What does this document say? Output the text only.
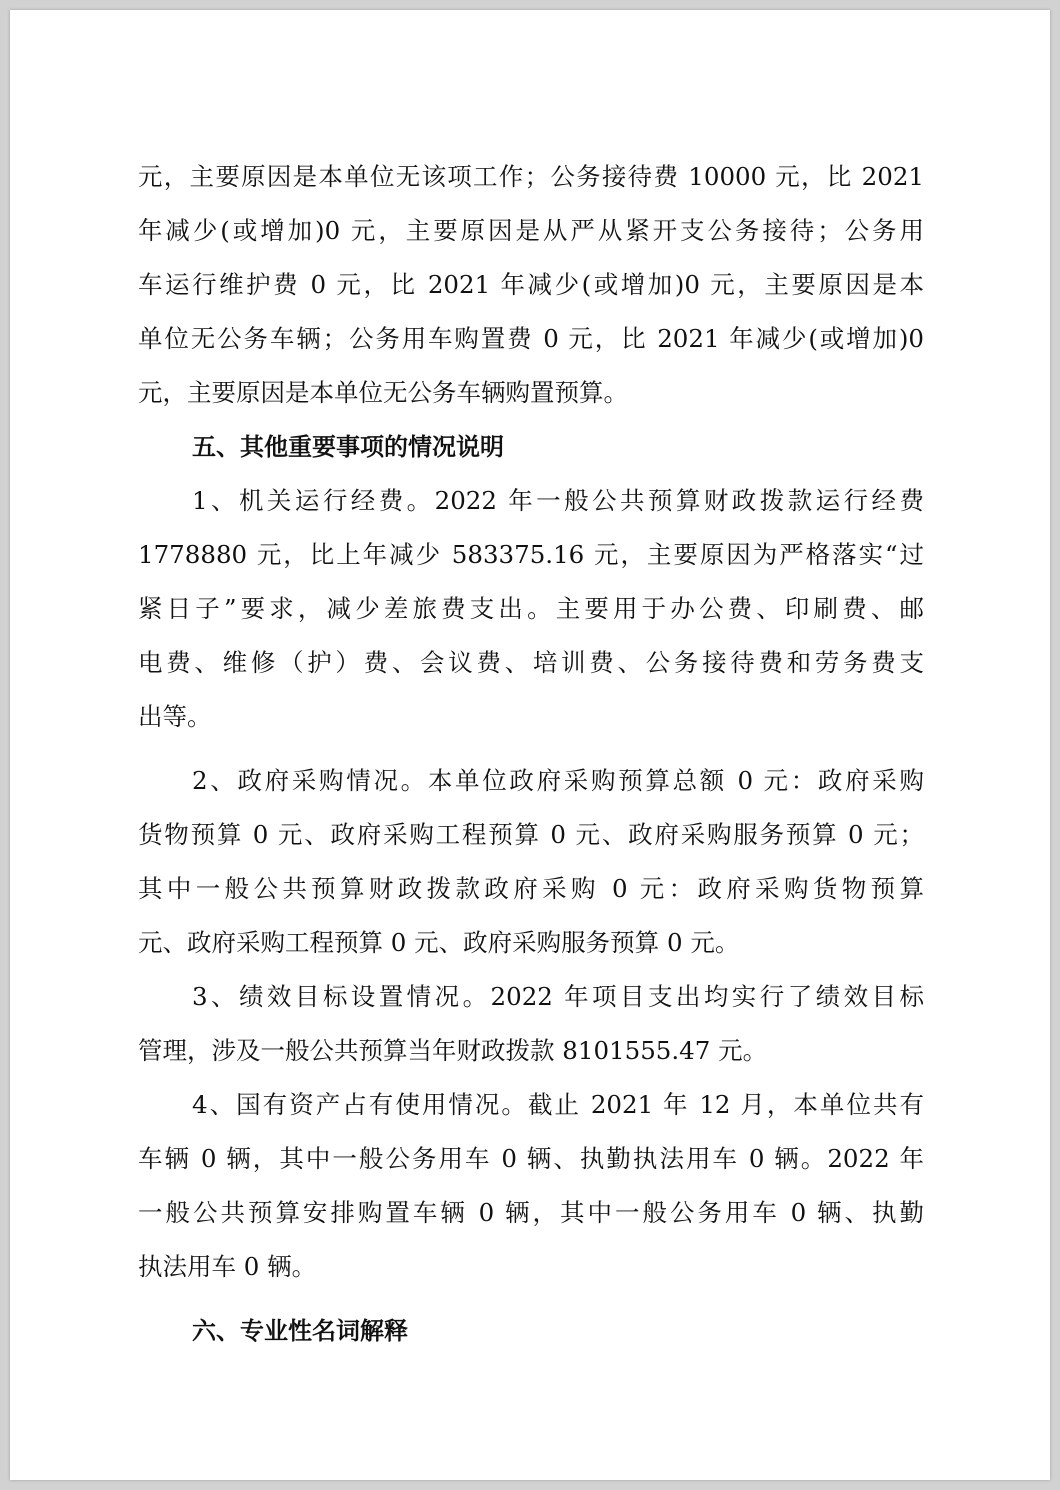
元，主要原因是本单位无该项工作；公务接待费 10000 元，比 2021
年减少(或增加)0 元，主要原因是从严从紧开支公务接待；公务用
车运行维护费 0 元，比 2021 年减少(或增加)0 元，主要原因是本
单位无公务车辆；公务用车购置费 0 元，比 2021 年减少(或增加)0
元，主要原因是本单位无公务车辆购置预算。
五、其他重要事项的情况说明
1、机关运行经费。2022 年一般公共预算财政拨款运行经费
1778880 元，比上年减少 583375.16 元，主要原因为严格落实“过
紧日子”要求，减少差旅费支出。主要用于办公费、印刷费、邮
电费、维修（护）费、会议费、培训费、公务接待费和劳务费支
出等。
2、政府采购情况。本单位政府采购预算总额 0 元：政府采购
货物预算 0 元、政府采购工程预算 0 元、政府采购服务预算 0 元；
其中一般公共预算财政拨款政府采购 0 元：政府采购货物预算
元、政府采购工程预算 0 元、政府采购服务预算 0 元。
3、绩效目标设置情况。2022 年项目支出均实行了绩效目标
管理，涉及一般公共预算当年财政拨款 8101555.47 元。
4、国有资产占有使用情况。截止 2021 年 12 月，本单位共有
车辆 0 辆，其中一般公务用车 0 辆、执勤执法用车 0 辆。2022 年
一般公共预算安排购置车辆 0 辆，其中一般公务用车 0 辆、执勤
执法用车 0 辆。
六、专业性名词解释
